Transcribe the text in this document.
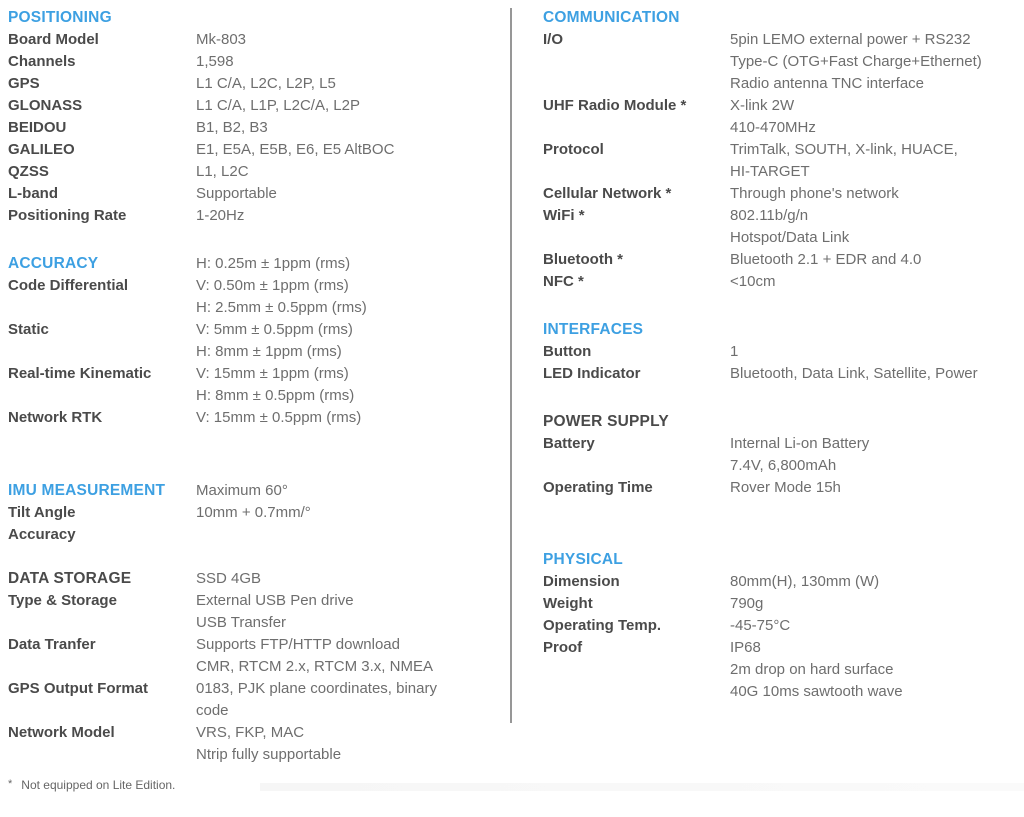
POSITIONING
Board Model	Mk-803
Channels	1,598
GPS	L1 C/A, L2C, L2P, L5
GLONASS	L1 C/A, L1P, L2C/A, L2P
BEIDOU	B1, B2, B3
GALILEO	E1, E5A, E5B, E6, E5 AltBOC
QZSS	L1, L2C
L-band	Supportable
Positioning Rate	1-20Hz
ACCURACY	H: 0.25m ± 1ppm (rms)
Code Differential	V: 0.50m ± 1ppm (rms)
H: 2.5mm ± 0.5ppm (rms)
Static	V: 5mm ± 0.5ppm (rms)
H: 8mm ± 1ppm (rms)
Real-time Kinematic	V: 15mm ± 1ppm (rms)
H: 8mm ± 0.5ppm (rms)
Network RTK	V: 15mm ± 0.5ppm (rms)
IMU MEASUREMENT	Maximum 60°
Tilt Angle	10mm + 0.7mm/°
Accuracy
DATA STORAGE	SSD 4GB
Type & Storage	External USB Pen drive
USB Transfer
Data Tranfer	Supports FTP/HTTP download
CMR, RTCM 2.x, RTCM 3.x, NMEA
GPS Output Format	0183, PJK plane coordinates, binary
code
Network Model	VRS, FKP, MAC
Ntrip fully supportable
COMMUNICATION
I/O	5pin LEMO external power + RS232
Type-C (OTG+Fast Charge+Ethernet)
Radio antenna TNC interface
UHF Radio Module *	X-link 2W
410-470MHz
Protocol	TrimTalk, SOUTH, X-link, HUACE,
HI-TARGET
Cellular Network *	Through phone's network
WiFi *	802.11b/g/n
Hotspot/Data Link
Bluetooth *	Bluetooth 2.1 + EDR and 4.0
NFC *	<10cm
INTERFACES
Button	1
LED Indicator	Bluetooth, Data Link, Satellite, Power
POWER SUPPLY
Battery	Internal Li-on Battery
7.4V, 6,800mAh
Operating Time	Rover Mode 15h
PHYSICAL
Dimension	80mm(H), 130mm (W)
Weight	790g
Operating Temp.	-45-75°C
Proof	IP68
2m drop on hard surface
40G 10ms sawtooth wave
* Not equipped on Lite Edition.
